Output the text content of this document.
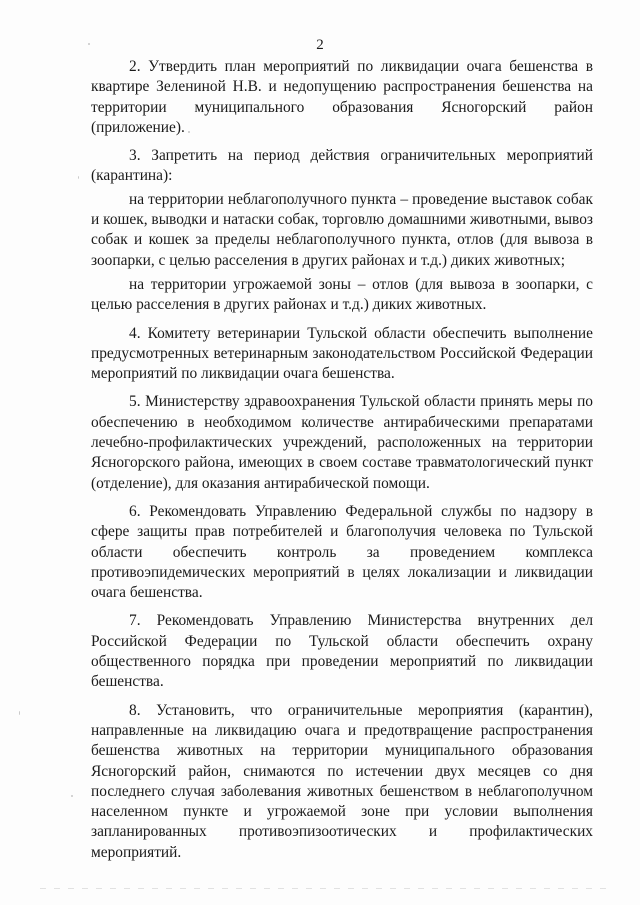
2

2. Утвердить план мероприятий по ликвидации очага бешенства в квартире Зелениной Н.В. и недопущению распространения бешенства на территории муниципального образования Ясногорский район (приложение).

3. Запретить на период действия ограничительных мероприятий (карантина):

на территории неблагополучного пункта – проведение выставок собак и кошек, выводки и натаски собак, торговлю домашними животными, вывоз собак и кошек за пределы неблагополучного пункта, отлов (для вывоза в зоопарки, с целью расселения в других районах и т.д.) диких животных;

на территории угрожаемой зоны – отлов (для вывоза в зоопарки, с целью расселения в других районах и т.д.) диких животных.

4. Комитету ветеринарии Тульской области обеспечить выполнение предусмотренных ветеринарным законодательством Российской Федерации мероприятий по ликвидации очага бешенства.

5. Министерству здравоохранения Тульской области принять меры по обеспечению в необходимом количестве антирабическими препаратами лечебно-профилактических учреждений, расположенных на территории Ясногорского района, имеющих в своем составе травматологический пункт (отделение), для оказания антирабической помощи.

6. Рекомендовать Управлению Федеральной службы по надзору в сфере защиты прав потребителей и благополучия человека по Тульской области обеспечить контроль за проведением комплекса противоэпидемических мероприятий в целях локализации и ликвидации очага бешенства.

7. Рекомендовать Управлению Министерства внутренних дел Российской Федерации по Тульской области обеспечить охрану общественного порядка при проведении мероприятий по ликвидации бешенства.

8. Установить, что ограничительные мероприятия (карантин), направленные на ликвидацию очага и предотвращение распространения бешенства животных на территории муниципального образования Ясногорский район, снимаются по истечении двух месяцев со дня последнего случая заболевания животных бешенством в неблагополучном населенном пункте и угрожаемой зоне при условии выполнения запланированных противоэпизоотических и профилактических мероприятий.
